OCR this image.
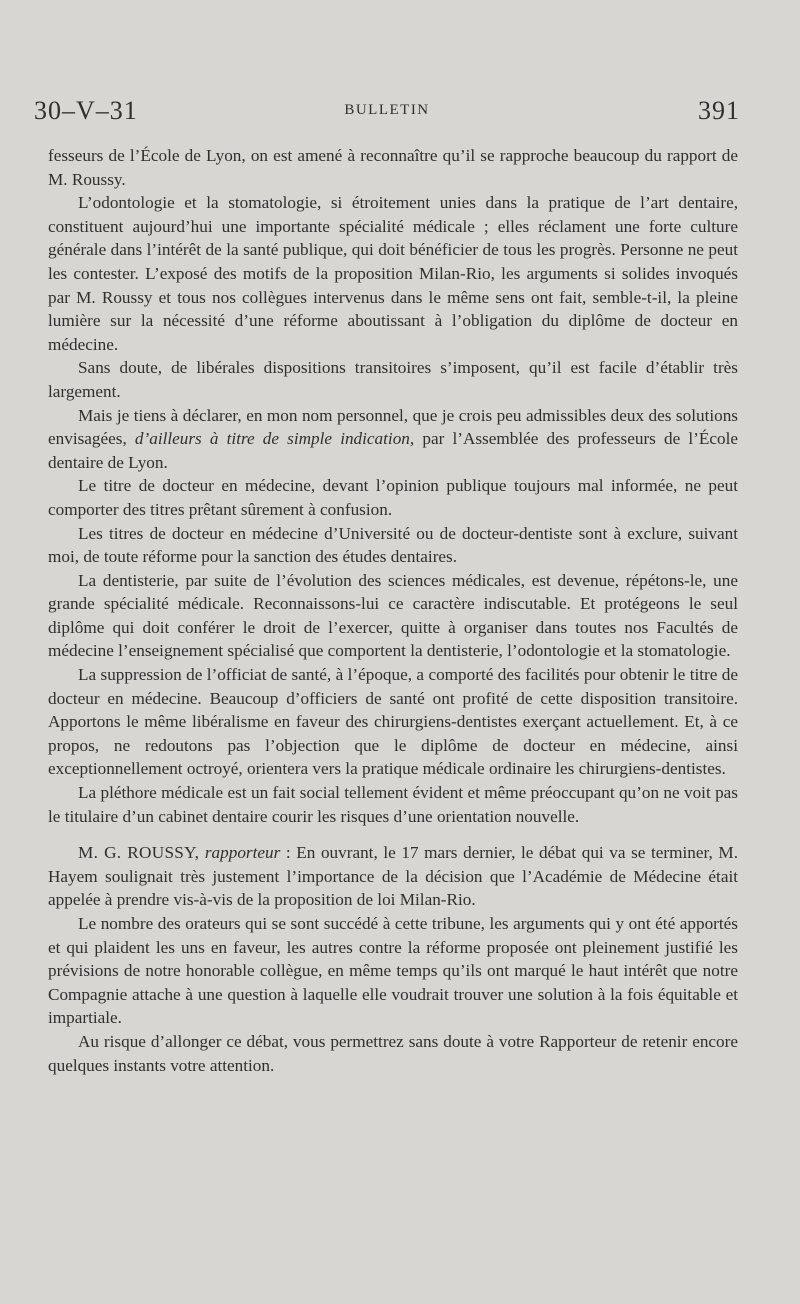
30–V–31	BULLETIN	391

fesseurs de l’École de Lyon, on est amené à reconnaître qu’il se rapproche beaucoup du rapport de M. Roussy.

L’odontologie et la stomatologie, si étroitement unies dans la pratique de l’art dentaire, constituent aujourd’hui une importante spécialité médicale ; elles réclament une forte culture générale dans l’intérêt de la santé publique, qui doit bénéficier de tous les progrès. Personne ne peut les contester. L’exposé des motifs de la proposition Milan-Rio, les arguments si solides invoqués par M. Roussy et tous nos collègues intervenus dans le même sens ont fait, semble-t-il, la pleine lumière sur la nécessité d’une réforme aboutissant à l’obligation du diplôme de docteur en médecine.

Sans doute, de libérales dispositions transitoires s’imposent, qu’il est facile d’établir très largement.

Mais je tiens à déclarer, en mon nom personnel, que je crois peu admissibles deux des solutions envisagées, d’ailleurs à titre de simple indication, par l’Assemblée des professeurs de l’École dentaire de Lyon.

Le titre de docteur en médecine, devant l’opinion publique toujours mal informée, ne peut comporter des titres prêtant sûrement à confusion.

Les titres de docteur en médecine d’Université ou de docteur-dentiste sont à exclure, suivant moi, de toute réforme pour la sanction des études dentaires.

La dentisterie, par suite de l’évolution des sciences médicales, est devenue, répétons-le, une grande spécialité médicale. Reconnaissons-lui ce caractère indiscutable. Et protégeons le seul diplôme qui doit conférer le droit de l’exercer, quitte à organiser dans toutes nos Facultés de médecine l’enseignement spécialisé que comportent la dentisterie, l’odontologie et la stomatologie.

La suppression de l’officiat de santé, à l’époque, a comporté des facilités pour obtenir le titre de docteur en médecine. Beaucoup d’officiers de santé ont profité de cette disposition transitoire. Apportons le même libéralisme en faveur des chirurgiens-dentistes exerçant actuellement. Et, à ce propos, ne redoutons pas l’objection que le diplôme de docteur en médecine, ainsi exceptionnellement octroyé, orientera vers la pratique médicale ordinaire les chirurgiens-dentistes.

La pléthore médicale est un fait social tellement évident et même préoccupant qu’on ne voit pas le titulaire d’un cabinet dentaire courir les risques d’une orientation nouvelle.

M. G. ROUSSY, rapporteur : En ouvrant, le 17 mars dernier, le débat qui va se terminer, M. Hayem soulignait très justement l’importance de la décision que l’Académie de Médecine était appelée à prendre vis-à-vis de la proposition de loi Milan-Rio.

Le nombre des orateurs qui se sont succédé à cette tribune, les arguments qui y ont été apportés et qui plaident les uns en faveur, les autres contre la réforme proposée ont pleinement justifié les prévisions de notre honorable collègue, en même temps qu’ils ont marqué le haut intérêt que notre Compagnie attache à une question à laquelle elle voudrait trouver une solution à la fois équitable et impartiale.

Au risque d’allonger ce débat, vous permettrez sans doute à votre Rapporteur de retenir encore quelques instants votre attention.
